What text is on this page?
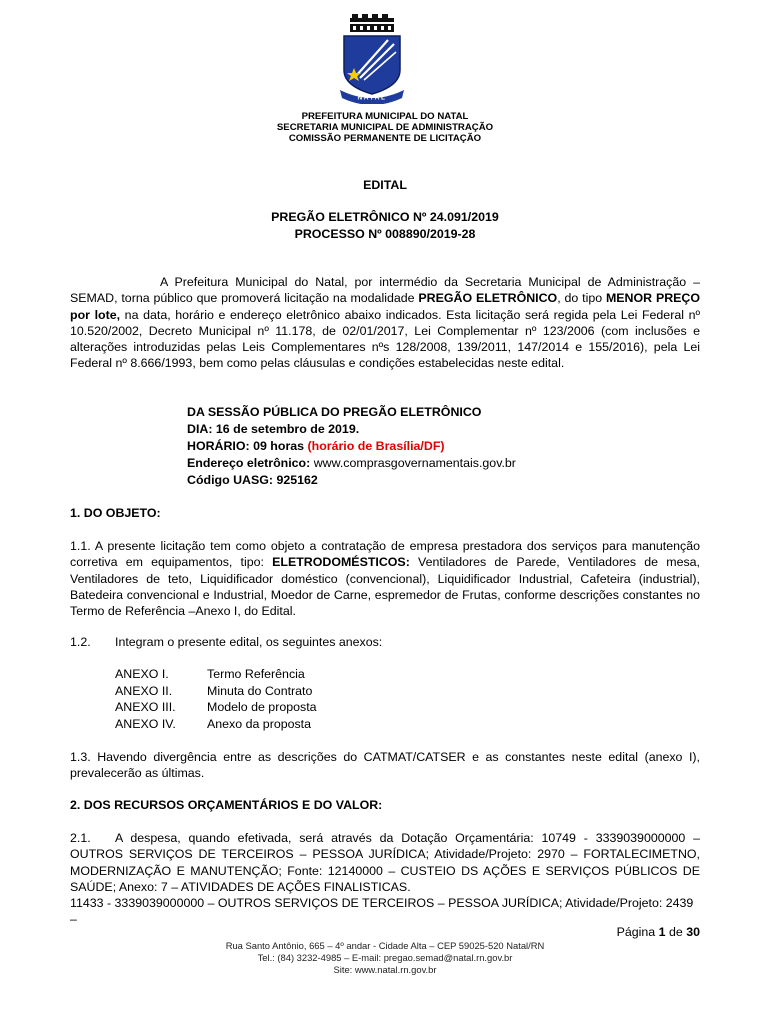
NATAL
PREFEITURA MUNICIPAL DO NATAL
SECRETARIA MUNICIPAL DE ADMINISTRAÇÃO
COMISSÃO PERMANENTE DE LICITAÇÃO
EDITAL
PREGÃO ELETRÔNICO Nº 24.091/2019
PROCESSO Nº 008890/2019-28
A Prefeitura Municipal do Natal, por intermédio da Secretaria Municipal de Administração – SEMAD, torna público que promoverá licitação na modalidade PREGÃO ELETRÔNICO, do tipo MENOR PREÇO por lote, na data, horário e endereço eletrônico abaixo indicados. Esta licitação será regida pela Lei Federal nº 10.520/2002, Decreto Municipal nº 11.178, de 02/01/2017, Lei Complementar nº 123/2006 (com inclusões e alterações introduzidas pelas Leis Complementares nºs 128/2008, 139/2011, 147/2014 e 155/2016), pela Lei Federal nº 8.666/1993, bem como pelas cláusulas e condições estabelecidas neste edital.
DA SESSÃO PÚBLICA DO PREGÃO ELETRÔNICO
DIA: 16 de setembro de 2019.
HORÁRIO: 09 horas (horário de Brasília/DF)
Endereço eletrônico: www.comprasgovernamentais.gov.br
Código UASG: 925162
1. DO OBJETO:
1.1. A presente licitação tem como objeto a contratação de empresa prestadora dos serviços para manutenção corretiva em equipamentos, tipo: ELETRODOMÉSTICOS: Ventiladores de Parede, Ventiladores de mesa, Ventiladores de teto, Liquidificador doméstico (convencional), Liquidificador Industrial, Cafeteira (industrial), Batedeira convencional e Industrial, Moedor de Carne, espremedor de Frutas, conforme descrições constantes no Termo de Referência –Anexo I, do Edital.
1.2. Integram o presente edital, os seguintes anexos:
ANEXO I.	Termo Referência
ANEXO II.	Minuta do Contrato
ANEXO III.	Modelo de proposta
ANEXO IV.	Anexo da proposta
1.3. Havendo divergência entre as descrições do CATMAT/CATSER e as constantes neste edital (anexo I), prevalecerão as últimas.
2. DOS RECURSOS ORÇAMENTÁRIOS E DO VALOR:
2.1. A despesa, quando efetivada, será através da Dotação Orçamentária: 10749 - 3339039000000 – OUTROS SERVIÇOS DE TERCEIROS – PESSOA JURÍDICA; Atividade/Projeto: 2970 – FORTALECIMETNO, MODERNIZAÇÃO E MANUTENÇÃO; Fonte: 12140000 – CUSTEIO DS AÇÕES E SERVIÇOS PÚBLICOS DE SAÚDE; Anexo: 7 – ATIVIDADES DE AÇÕES FINALISTICAS.
11433 - 3339039000000 – OUTROS SERVIÇOS DE TERCEIROS – PESSOA JURÍDICA; Atividade/Projeto: 2439 –
Página 1 de 30
Rua Santo Antônio, 665 – 4º andar - Cidade Alta – CEP 59025-520 Natal/RN
Tel.: (84) 3232-4985 – E-mail: pregao.semad@natal.rn.gov.br
Site: www.natal.rn.gov.br
